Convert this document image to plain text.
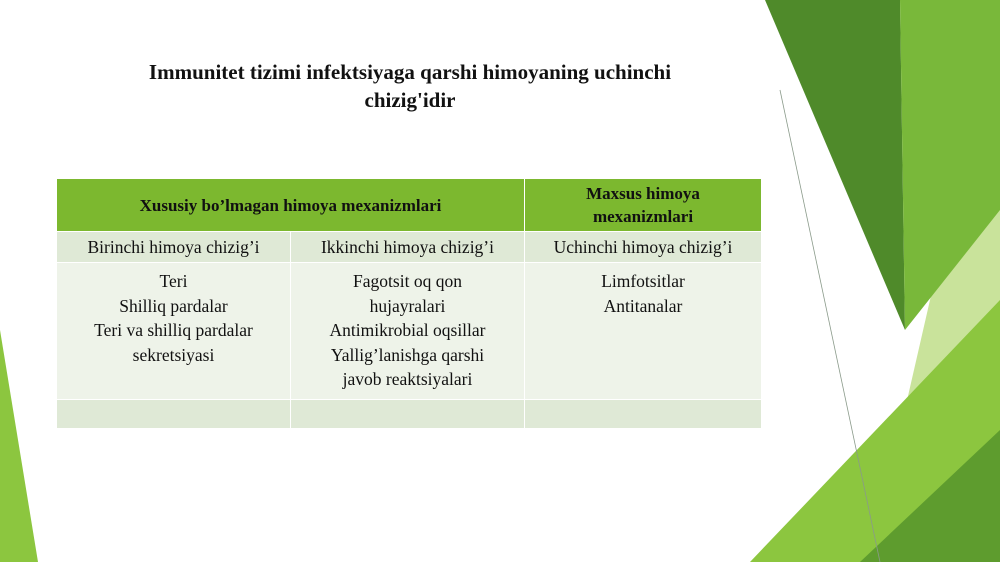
Immunitet tizimi infektsiyaga qarshi himoyaning uchinchi
chizig'idir
Xususiy bo’lmagan himoya mexanizmlari		Maxsus himoya
mexanizmlari

Birinchi himoya chizig’i	Ikkinchi himoya chizig’i	Uchinchi himoya chizig’i

Teri
Shilliq pardalar
Teri va shilliq pardalar
sekretsiyasi	Fagotsit oq qon
hujayralari
Antimikrobial oqsillar
Yallig’lanishga qarshi
javob reaktsiyalari	Limfotsitlar
Antitanalar
